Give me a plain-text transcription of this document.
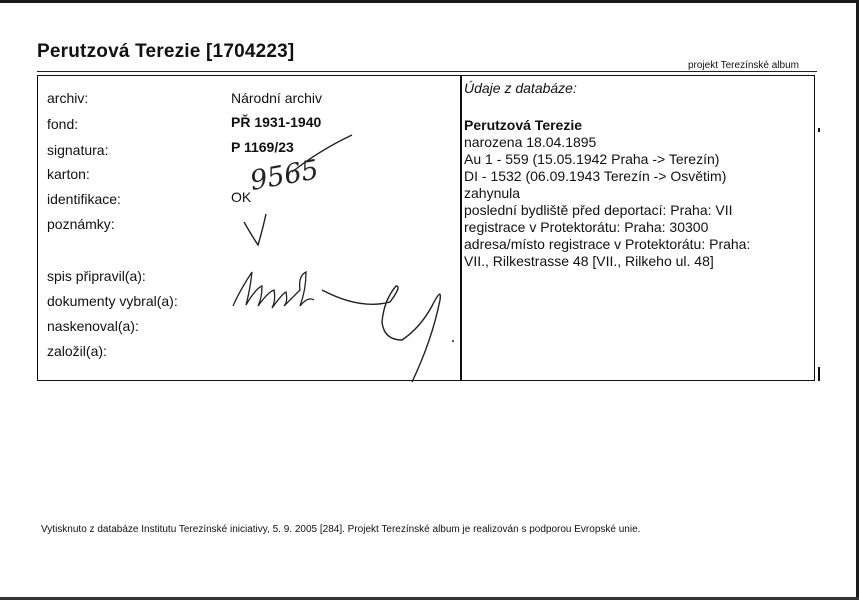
Perutzová Terezie [1704223]
projekt Terezínské album
archiv:
fond:
signatura:
karton:
identifikace:
poznámky:
spis připravil(a):
dokumenty vybral(a):
naskenoval(a):
založil(a):
Národní archiv
PŘ 1931-1940
P 1169/23
OK
Údaje z databáze:
Perutzová Terezie
narozena 18.04.1895
Au 1 - 559 (15.05.1942 Praha -> Terezín)
DI - 1532 (06.09.1943 Terezín -> Osvětim)
zahynula
poslední bydliště před deportací: Praha: VII
registrace v Protektorátu: Praha: 30300
adresa/místo registrace v Protektorátu: Praha:
VII., Rilkestrasse 48 [VII., Rilkeho ul. 48]
9565
Vytisknuto z databáze Institutu Terezínské iniciativy, 5. 9. 2005 [284]. Projekt Terezínské album je realizován s podporou Evropské unie.
